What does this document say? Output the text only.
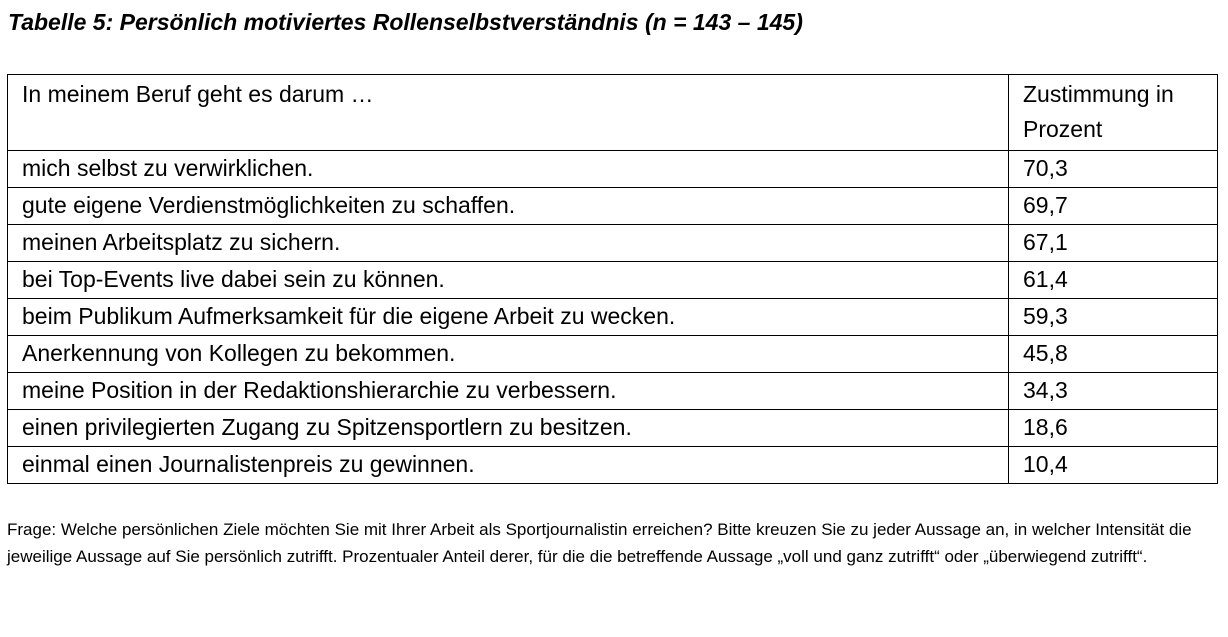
Tabelle 5: Persönlich motiviertes Rollenselbstverständnis (n = 143 – 145)
In meinem Beruf geht es darum …	Zustimmung in Prozent
mich selbst zu verwirklichen.	70,3
gute eigene Verdienstmöglichkeiten zu schaffen.	69,7
meinen Arbeitsplatz zu sichern.	67,1
bei Top-Events live dabei sein zu können.	61,4
beim Publikum Aufmerksamkeit für die eigene Arbeit zu wecken.	59,3
Anerkennung von Kollegen zu bekommen.	45,8
meine Position in der Redaktionshierarchie zu verbessern.	34,3
einen privilegierten Zugang zu Spitzensportlern zu besitzen.	18,6
einmal einen Journalistenpreis zu gewinnen.	10,4

Frage: Welche persönlichen Ziele möchten Sie mit Ihrer Arbeit als Sportjournalistin erreichen? Bitte kreuzen Sie zu jeder Aussage an, in welcher Intensität die jeweilige Aussage auf Sie persönlich zutrifft. Prozentualer Anteil derer, für die die betreffende Aussage „voll und ganz zutrifft“ oder „überwiegend zutrifft“.
